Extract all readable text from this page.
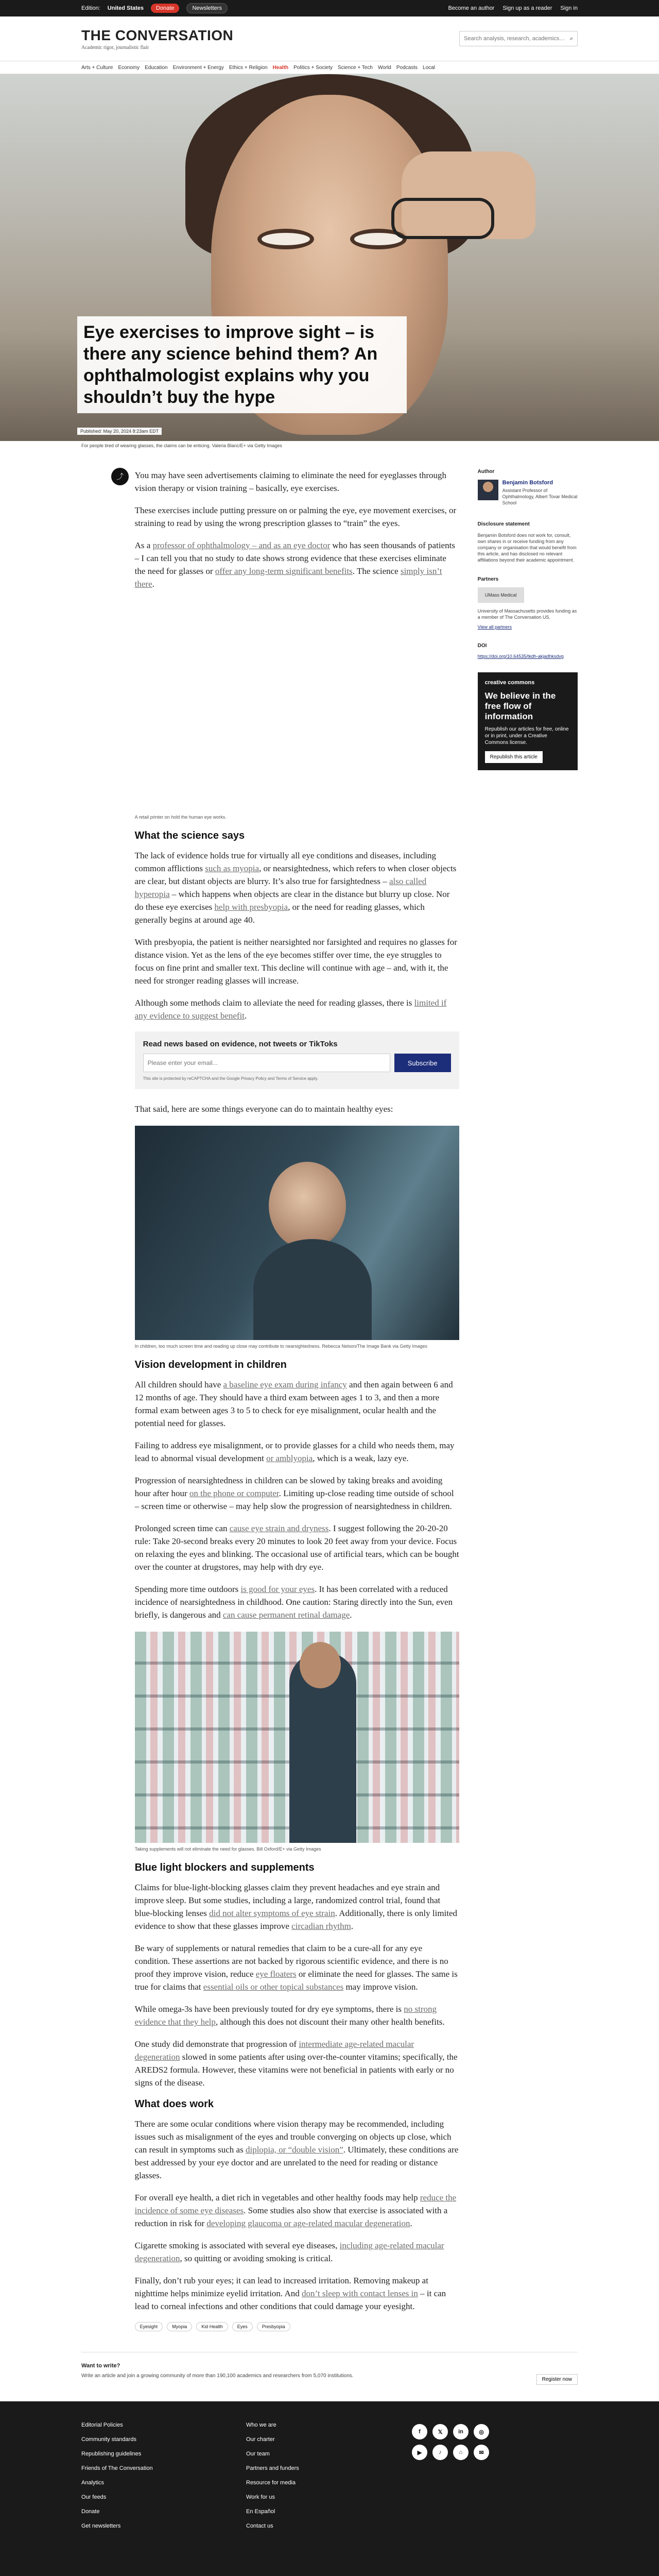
Edition: United States	Donate	Newsletters	Become an author Sign up as a reader Sign in
THE CONVERSATION
Academic rigor, journalistic flair
Search analysis, research, academics…
⌕
Arts + Culture Economy Education Environment + Energy Ethics + Religion Health Politics + Society Science + Tech World Podcasts Local
Eye exercises to improve sight – is there any science behind them? An ophthalmologist explains why you shouldn’t buy the hype
Published: May 20, 2024 8:23am EDT
For people tired of wearing glasses, the claims can be enticing. Valeria Blanc/E+ via Getty Images
⤴	You may have seen advertisements claiming to eliminate the need for eyeglasses through vision therapy or vision training – basically, eye exercises.

These exercises include putting pressure on or palming the eye, eye movement exercises, or straining to read by using the wrong prescription glasses to “train” the eyes.

As a professor of ophthalmology – and as an eye doctor who has seen thousands of patients – I can tell you that no study to date shows strong evidence that these exercises eliminate the need for glasses or offer any long-term significant benefits. The science simply isn’t there.

A retail printer on hold the human eye works.
What the science says

The lack of evidence holds true for virtually all eye conditions and diseases, including common afflictions such as myopia, or nearsightedness, which refers to when closer objects are clear, but distant objects are blurry. It’s also true for farsightedness – also called hyperopia – which happens when objects are clear in the distance but blurry up close. Nor do these eye exercises help with presbyopia, or the need for reading glasses, which generally begins at around age 40.

With presbyopia, the patient is neither nearsighted nor farsighted and requires no glasses for distance vision. Yet as the lens of the eye becomes stiffer over time, the eye struggles to focus on fine print and smaller text. This decline will continue with age – and, with it, the need for stronger reading glasses will increase.

Although some methods claim to alleviate the need for reading glasses, there is limited if any evidence to suggest benefit.

Read news based on evidence, not tweets or TikToks
Please enter your email...
Subscribe
This site is protected by reCAPTCHA and the Google Privacy Policy and Terms of Service apply.

That said, here are some things everyone can do to maintain healthy eyes:

In children, too much screen time and reading up close may contribute to nearsightedness. Rebecca Nelson/The Image Bank via Getty Images
Vision development in children

All children should have a baseline eye exam during infancy and then again between 6 and 12 months of age. They should have a third exam between ages 1 to 3, and then a more formal exam between ages 3 to 5 to check for eye misalignment, ocular health and the potential need for glasses.

Failing to address eye misalignment, or to provide glasses for a child who needs them, may lead to abnormal visual development or amblyopia, which is a weak, lazy eye.

Progression of nearsightedness in children can be slowed by taking breaks and avoiding hour after hour on the phone or computer. Limiting up-close reading time outside of school – screen time or otherwise – may help slow the progression of nearsightedness in children.

Prolonged screen time can cause eye strain and dryness. I suggest following the 20-20-20 rule: Take 20-second breaks every 20 minutes to look 20 feet away from your device. Focus on relaxing the eyes and blinking. The occasional use of artificial tears, which can be bought over the counter at drugstores, may help with dry eye.

Spending more time outdoors is good for your eyes. It has been correlated with a reduced incidence of nearsightedness in childhood. One caution: Staring directly into the Sun, even briefly, is dangerous and can cause permanent retinal damage.

Taking supplements will not eliminate the need for glasses. Bill Oxford/E+ via Getty Images
Blue light blockers and supplements

Claims for blue-light-blocking glasses claim they prevent headaches and eye strain and improve sleep. But some studies, including a large, randomized control trial, found that blue-blocking lenses did not alter symptoms of eye strain. Additionally, there is only limited evidence to show that these glasses improve circadian rhythm.

Be wary of supplements or natural remedies that claim to be a cure-all for any eye condition. These assertions are not backed by rigorous scientific evidence, and there is no proof they improve vision, reduce eye floaters or eliminate the need for glasses. The same is true for claims that essential oils or other topical substances may improve vision.

While omega-3s have been previously touted for dry eye symptoms, there is no strong evidence that they help, although this does not discount their many other health benefits.

One study did demonstrate that progression of intermediate age-related macular degeneration slowed in some patients after using over-the-counter vitamins; specifically, the AREDS2 formula. However, these vitamins were not beneficial in patients with early or no signs of the disease.

What does work

There are some ocular conditions where vision therapy may be recommended, including issues such as misalignment of the eyes and trouble converging on objects up close, which can result in symptoms such as diplopia, or “double vision”. Ultimately, these conditions are best addressed by your eye doctor and are unrelated to the need for reading or distance glasses.

For overall eye health, a diet rich in vegetables and other healthy foods may help reduce the incidence of some eye diseases. Some studies also show that exercise is associated with a reduction in risk for developing glaucoma or age-related macular degeneration.

Cigarette smoking is associated with several eye diseases, including age-related macular degeneration, so quitting or avoiding smoking is critical.

Finally, don’t rub your eyes; it can lead to increased irritation. Removing makeup at nighttime helps minimize eyelid irritation. And don’t sleep with contact lenses in – it can lead to corneal infections and other conditions that could damage your eyesight.

Eyesight	Myopia	Kid Health	Eyes	Presbyopia
Author
Benjamin Botsford
Assistant Professor of Ophthalmology, Albert Tovar Medical School
Disclosure statement
Benjamin Botsford does not work for, consult, own shares in or receive funding from any company or organisation that would benefit from this article, and has disclosed no relevant affiliations beyond their academic appointment.
Partners
UMass Medical
University of Massachusetts provides funding as a member of The Conversation US.
View all partners
DOI
https://doi.org/10.64535/tkdh-akjadhksdvg
creative commons
We believe in the free flow of information

Republish our articles for free, online or in print, under a Creative Commons license.

Republish this article
Want to write?

Write an article and join a growing community of more than 190,100 academics and researchers from 5,070 institutions.

Register now
Editorial Policies
Community standards
Republishing guidelines
Friends of The Conversation
Analytics
Our feeds
Donate
Get newsletters
Who we are
Our charter
Our team
Partners and funders
Resource for media
Work for us
En Español
Contact us
f	𝕏	in	◎
▶	♪	⌂	✉
